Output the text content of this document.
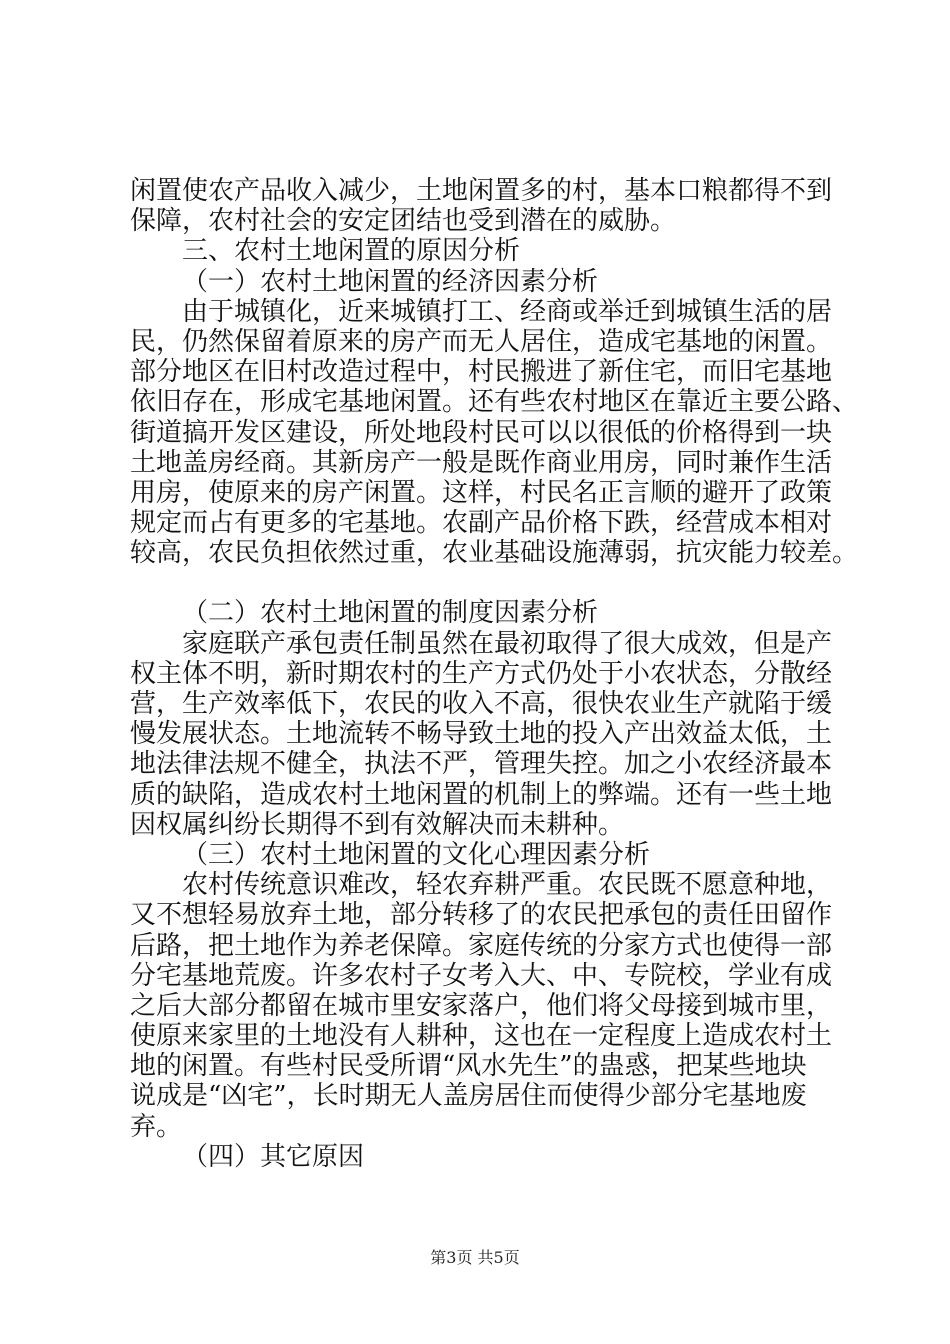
闲置使农产品收入减少，土地闲置多的村，基本口粮都得不到
保障，农村社会的安定团结也受到潜在的威胁。
三、农村土地闲置的原因分析
（一）农村土地闲置的经济因素分析
由于城镇化，近来城镇打工、经商或举迁到城镇生活的居
民，仍然保留着原来的房产而无人居住，造成宅基地的闲置。
部分地区在旧村改造过程中，村民搬进了新住宅，而旧宅基地
依旧存在，形成宅基地闲置。还有些农村地区在靠近主要公路、
街道搞开发区建设，所处地段村民可以以很低的价格得到一块
土地盖房经商。其新房产一般是既作商业用房，同时兼作生活
用房，使原来的房产闲置。这样，村民名正言顺的避开了政策
规定而占有更多的宅基地。农副产品价格下跌，经营成本相对
较高，农民负担依然过重，农业基础设施薄弱，抗灾能力较差。
（二）农村土地闲置的制度因素分析
家庭联产承包责任制虽然在最初取得了很大成效，但是产
权主体不明，新时期农村的生产方式仍处于小农状态，分散经
营，生产效率低下，农民的收入不高，很快农业生产就陷于缓
慢发展状态。土地流转不畅导致土地的投入产出效益太低，土
地法律法规不健全，执法不严，管理失控。加之小农经济最本
质的缺陷，造成农村土地闲置的机制上的弊端。还有一些土地
因权属纠纷长期得不到有效解决而未耕种。
（三）农村土地闲置的文化心理因素分析
农村传统意识难改，轻农弃耕严重。农民既不愿意种地，
又不想轻易放弃土地，部分转移了的农民把承包的责任田留作
后路，把土地作为养老保障。家庭传统的分家方式也使得一部
分宅基地荒废。许多农村子女考入大、中、专院校，学业有成
之后大部分都留在城市里安家落户，他们将父母接到城市里，
使原来家里的土地没有人耕种，这也在一定程度上造成农村土
地的闲置。有些村民受所谓“风水先生”的蛊惑，把某些地块
说成是“凶宅”，长时期无人盖房居住而使得少部分宅基地废
弃。
（四）其它原因
第3页 共5页
